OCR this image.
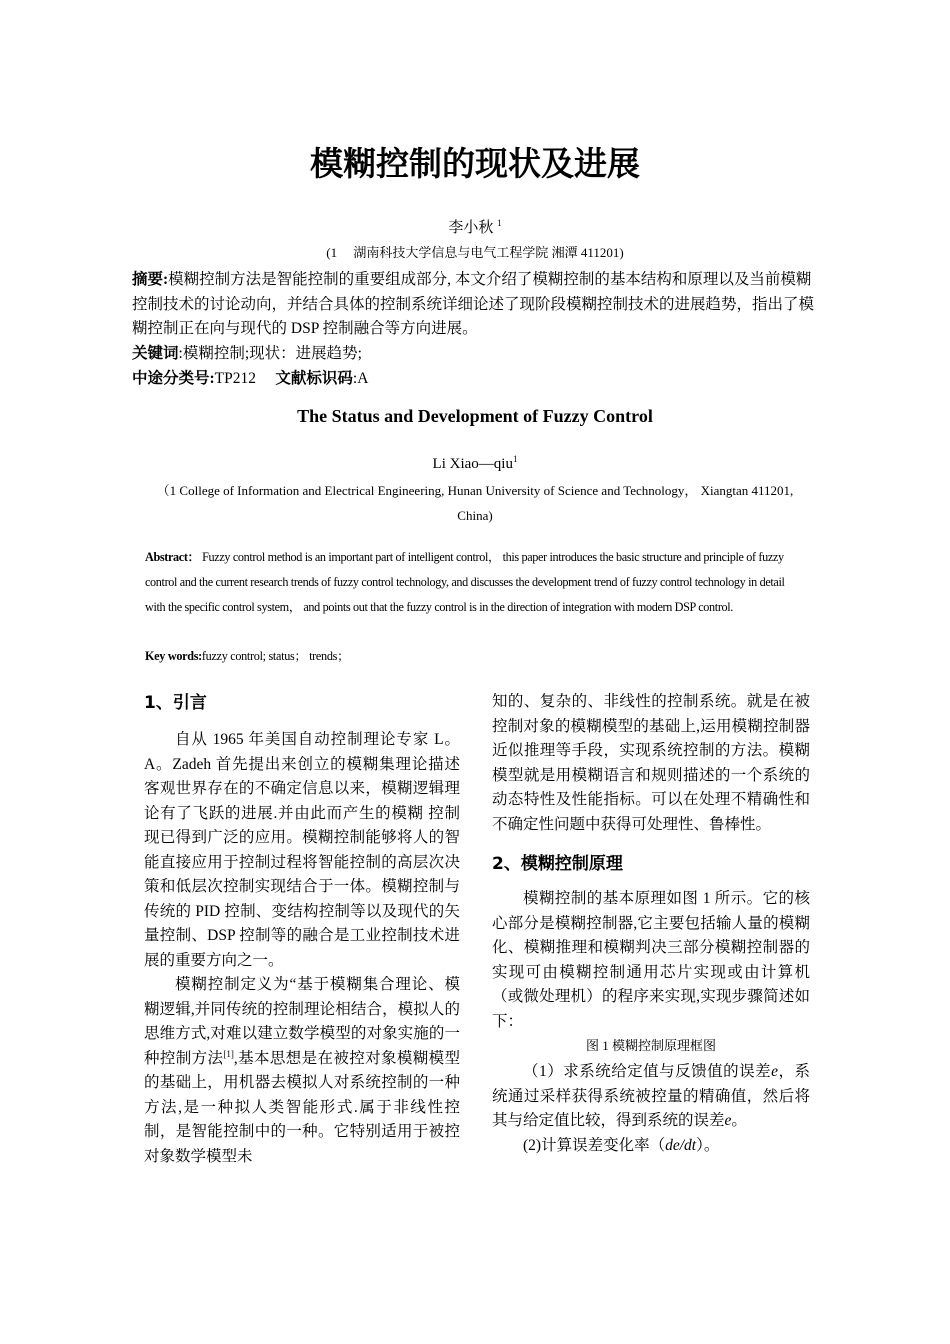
模糊控制的现状及进展
李小秋 $^1$
(1　 湖南科技大学信息与电气工程学院 湘潭 411201)
摘要:模糊控制方法是智能控制的重要组成部分, 本文介绍了模糊控制的基本结构和原理以及当前模糊控制技术的讨论动向，并结合具体的控制系统详细论述了现阶段模糊控制技术的进展趋势，指出了模糊控制正在向与现代的 DSP 控制融合等方向进展。
关键词:模糊控制;现状：进展趋势;
中途分类号:TP212　 文献标识码:A
The Status and Development of Fuzzy Control
Li Xiao—qiu$^1$
（1 College of Information and Electrical Engineering, Hunan University of Science and Technology， Xiangtan 411201, China)
Abstract： Fuzzy control method is an important part of intelligent control， this paper introduces the basic structure and principle of fuzzy control and the current research trends of fuzzy control technology, and discusses the development trend of fuzzy control technology in detail with the specific control system， and points out that the fuzzy control is in the direction of integration with modern DSP control.
Key words:fuzzy control; status； trends；
1、引言

自从 1965 年美国自动控制理论专家 L。A。Zadeh 首先提出来创立的模糊集理论描述客观世界存在的不确定信息以来，模糊逻辑理论有了飞跃的进展.并由此而产生的模糊 控制现已得到广泛的应用。模糊控制能够将人的智能直接应用于控制过程将智能控制的高层次决策和低层次控制实现结合于一体。模糊控制与传统的 PID 控制、变结构控制等以及现代的矢量控制、DSP 控制等的融合是工业控制技术进展的重要方向之一。

模糊控制定义为“基于模糊集合理论、模糊逻辑,并同传统的控制理论相结合，模拟人的思维方式,对难以建立数学模型的对象实施的一种控制方法[1],基本思想是在被控对象模糊模型的基础上，用机器去模拟人对系统控制的一种方法,是一种拟人类智能形式.属于非线性控制，是智能控制中的一种。它特别适用于被控对象数学模型未

知的、复杂的、非线性的控制系统。就是在被控制对象的模糊模型的基础上,运用模糊控制器近似推理等手段，实现系统控制的方法。模糊模型就是用模糊语言和规则描述的一个系统的动态特性及性能指标。可以在处理不精确性和不确定性问题中获得可处理性、鲁棒性。

2、模糊控制原理

模糊控制的基本原理如图 1 所示。它的核心部分是模糊控制器,它主要包括输人量的模糊化、模糊推理和模糊判决三部分模糊控制器的实现可由模糊控制通用芯片实现或由计算机（或微处理机）的程序来实现,实现步骤简述如下：

图 1 模糊控制原理框图

（1）求系统给定值与反馈值的误差e，系统通过采样获得系统被控量的精确值，然后将其与给定值比较，得到系统的误差e。

(2)计算误差变化率（de/dt）。
